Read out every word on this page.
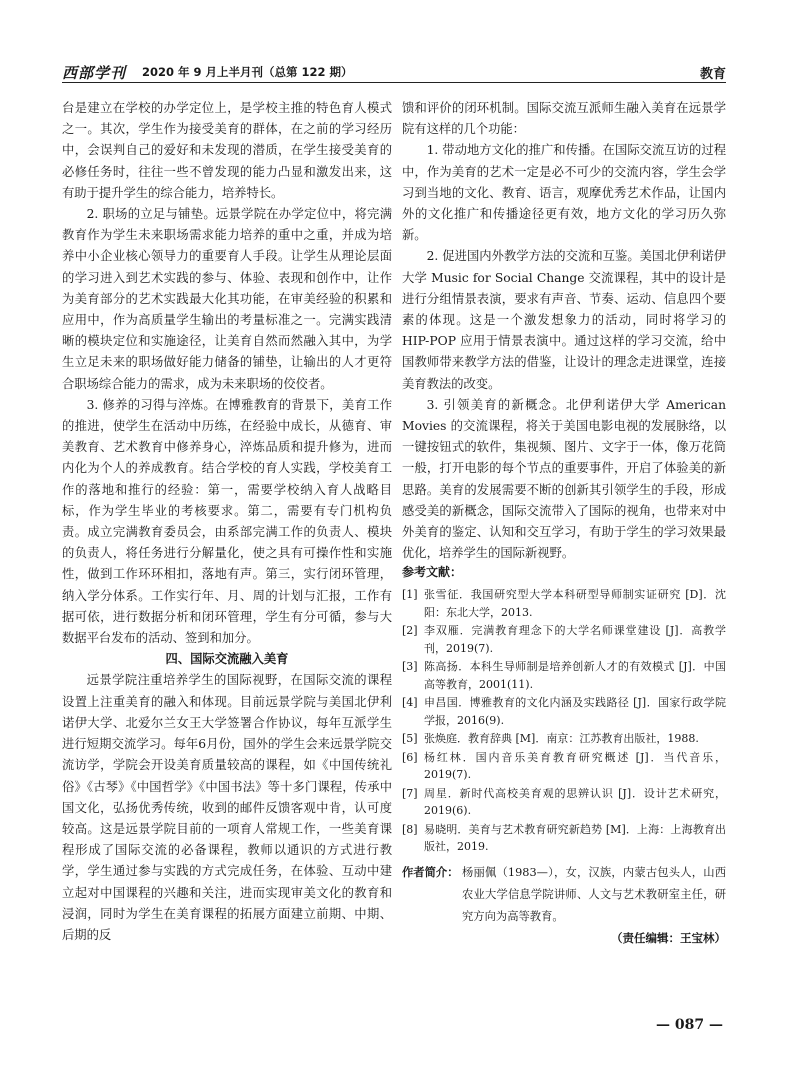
西部学刊 2020 年 9 月上半月刊（总第 122 期）	教育

台是建立在学校的办学定位上，是学校主推的特色育人模式之一。其次，学生作为接受美育的群体，在之前的学习经历中，会误判自己的爱好和未发现的潜质，在学生接受美育的必修任务时，往往一些不曾发现的能力凸显和激发出来，这有助于提升学生的综合能力，培养特长。

2. 职场的立足与铺垫。远景学院在办学定位中，将完满教育作为学生未来职场需求能力培养的重中之重，并成为培养中小企业核心领导力的重要育人手段。让学生从理论层面的学习进入到艺术实践的参与、体验、表现和创作中，让作为美育部分的艺术实践最大化其功能，在审美经验的积累和应用中，作为高质量学生输出的考量标准之一。完满实践清晰的模块定位和实施途径，让美育自然而然融入其中，为学生立足未来的职场做好能力储备的铺垫，让输出的人才更符合职场综合能力的需求，成为未来职场的佼佼者。

3. 修养的习得与淬炼。在博雅教育的背景下，美育工作的推进，使学生在活动中历练，在经验中成长，从德育、审美教育、艺术教育中修养身心，淬炼品质和提升修为，进而内化为个人的养成教育。结合学校的育人实践，学校美育工作的落地和推行的经验：第一，需要学校纳入育人战略目标，作为学生毕业的考核要求。第二，需要有专门机构负责。成立完满教育委员会，由系部完满工作的负责人、模块的负责人，将任务进行分解量化，使之具有可操作性和实施性，做到工作环环相扣，落地有声。第三，实行闭环管理，纳入学分体系。工作实行年、月、周的计划与汇报，工作有据可依，进行数据分析和闭环管理，学生有分可循，参与大数据平台发布的活动、签到和加分。

四、国际交流融入美育

远景学院注重培养学生的国际视野，在国际交流的课程设置上注重美育的融入和体现。目前远景学院与美国北伊利诺伊大学、北爱尔兰女王大学签署合作协议，每年互派学生进行短期交流学习。每年6月份，国外的学生会来远景学院交流访学，学院会开设美育质量较高的课程，如《中国传统礼俗》《古琴》《中国哲学》《中国书法》等十多门课程，传承中国文化，弘扬优秀传统，收到的邮件反馈客观中肯，认可度较高。这是远景学院目前的一项育人常规工作，一些美育课程形成了国际交流的必备课程，教师以通识的方式进行教学，学生通过参与实践的方式完成任务，在体验、互动中建立起对中国课程的兴趣和关注，进而实现审美文化的教育和浸润，同时为学生在美育课程的拓展方面建立前期、中期、后期的反

馈和评价的闭环机制。国际交流互派师生融入美育在远景学院有这样的几个功能：

1. 带动地方文化的推广和传播。在国际交流互访的过程中，作为美育的艺术一定是必不可少的交流内容，学生会学习到当地的文化、教育、语言，观摩优秀艺术作品，让国内外的文化推广和传播途径更有效，地方文化的学习历久弥新。

2. 促进国内外教学方法的交流和互鉴。美国北伊利诺伊大学 Music for Social Change 交流课程，其中的设计是进行分组情景表演，要求有声音、节奏、运动、信息四个要素的体现。这是一个激发想象力的活动，同时将学习的 HIP-POP 应用于情景表演中。通过这样的学习交流，给中国教师带来教学方法的借鉴，让设计的理念走进课堂，连接美育教法的改变。

3. 引领美育的新概念。北伊利诺伊大学 American Movies 的交流课程，将关于美国电影电视的发展脉络，以一键按钮式的软件，集视频、图片、文字于一体，像万花筒一般，打开电影的每个节点的重要事件，开启了体验美的新思路。美育的发展需要不断的创新其引领学生的手段，形成感受美的新概念，国际交流带入了国际的视角，也带来对中外美育的鉴定、认知和交互学习，有助于学生的学习效果最优化，培养学生的国际新视野。

参考文献：
[1] 张雪征．我国研究型大学本科研型导师制实证研究 [D]．沈阳：东北大学，2013.
[2] 李双雁．完满教育理念下的大学名师课堂建设 [J]．高教学刊，2019(7).
[3] 陈高扬．本科生导师制是培养创新人才的有效模式 [J]．中国高等教育，2001(11).
[4] 申昌国．博雅教育的文化内涵及实践路径 [J]．国家行政学院学报，2016(9).
[5] 张焕庭．教育辞典 [M]．南京：江苏教育出版社，1988.
[6] 杨红林．国内音乐美育教育研究概述 [J]．当代音乐，2019(7).
[7] 周星．新时代高校美育观的思辨认识 [J]．设计艺术研究，2019(6).
[8] 易晓明．美育与艺术教育研究新趋势 [M]．上海：上海教育出版社，2019.
作者简介： 杨丽佩（1983—），女，汉族，内蒙古包头人，山西农业大学信息学院讲师、人文与艺术教研室主任，研究方向为高等教育。
（责任编辑：王宝林）
— 087 —
